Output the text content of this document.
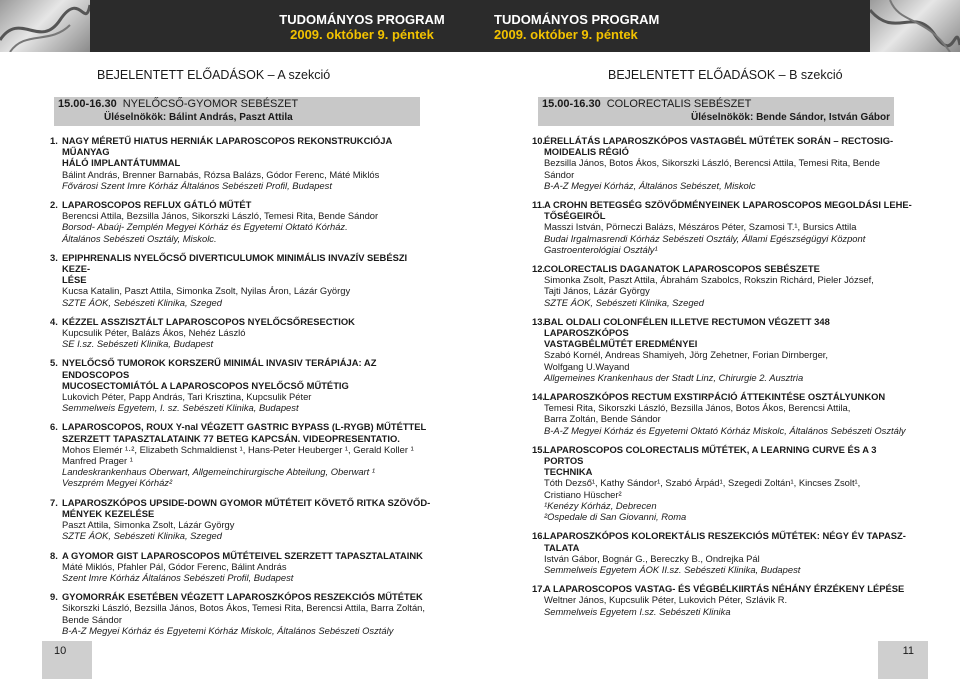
TUDOMÁNYOS PROGRAM
2009. október 9. péntek
BEJELENTETT ELŐADÁSOK – A szekció
15.00-16.30 NYELŐCSŐ-GYOMOR SEBÉSZET
Üléselnökök: Bálint András, Paszt Attila
1. NAGY MÉRETŰ HIATUS HERNIÁK LAPAROSCOPOS REKONSTRUKCIÓJA MŰANYAG
HÁLÓ IMPLANTÁTUMMAL
Bálint András, Brenner Barnabás, Rózsa Balázs, Gódor Ferenc, Máté Miklós
Fővárosi Szent Imre Kórház Általános Sebészeti Profil, Budapest
2. LAPAROSCOPOS REFLUX GÁTLÓ MŰTÉT
Berencsi Attila, Bezsilla János, Sikorszki László, Temesi Rita, Bende Sándor
Borsod- Abaúj- Zemplén Megyei Kórház és Egyetemi Oktató Kórház.
Általános Sebészeti Osztály, Miskolc.
3. EPIPHRENALIS NYELŐCSŐ DIVERTICULUMOK MINIMÁLIS INVAZÍV SEBÉSZI KEZE-
LÉSE
Kucsa Katalin, Paszt Attila, Simonka Zsolt, Nyilas Áron, Lázár György
SZTE ÁOK, Sebészeti Klinika, Szeged
4. KÉZZEL ASSZISZTÁLT LAPAROSCOPOS NYELŐCSŐRESECTIOK
Kupcsulik Péter, Balázs Ákos, Nehéz László
SE I.sz. Sebészeti Klinika, Budapest
5. NYELŐCSŐ TUMOROK KORSZERŰ MINIMÁL INVASIV TERÁPIÁJA: AZ ENDOSCOPOS
MUCOSECTOMIÁTÓL A LAPAROSCOPOS NYELŐCSŐ MŰTÉTIG
Lukovich Péter, Papp András, Tari Krisztina, Kupcsulik Péter
Semmelweis Egyetem, I. sz. Sebészeti Klinika, Budapest
6. LAPAROSCOPOS, ROUX Y-nal VÉGZETT GASTRIC BYPASS (L-RYGB) MŰTÉTTEL
SZERZETT TAPASZTALATAINK 77 BETEG KAPCSÁN. VIDEOPRESENTATIO.
Mohos Elemér ¹·², Elizabeth Schmaldienst ¹, Hans-Peter Heuberger ¹, Gerald Koller ¹
Manfred Prager ¹
Landeskrankenhaus Oberwart, Allgemeinchirurgische Abteilung, Oberwart ¹
Veszprém Megyei Kórház²
7. LAPAROSZKÓPOS UPSIDE-DOWN GYOMOR MŰTÉTEIT KÖVETŐ RITKA SZÖVŐD-
MÉNYEK KEZELÉSE
Paszt Attila, Simonka Zsolt, Lázár György
SZTE ÁOK, Sebészeti Klinika, Szeged
8. A GYOMOR GIST LAPAROSCOPOS MŰTÉTEIVEL SZERZETT TAPASZTALATAINK
Máté Miklós, Pfahler Pál, Gódor Ferenc, Bálint András
Szent Imre Kórház Általános Sebészeti Profil, Budapest
9. GYOMORRÁK ESETÉBEN VÉGZETT LAPAROSZKÓPOS RESZEKCIÓS MŰTÉTEK
Sikorszki László, Bezsilla János, Botos Ákos, Temesi Rita, Berencsi Attila, Barra Zoltán,
Bende Sándor
B-A-Z Megyei Kórház és Egyetemi Kórház Miskolc, Általános Sebészeti Osztály
10
TUDOMÁNYOS PROGRAM
2009. október 9. péntek
BEJELENTETT ELŐADÁSOK – B szekció
15.00-16.30 COLORECTALIS SEBÉSZET
Üléselnökök: Bende Sándor, István Gábor
10.
ÉRELLÁTÁS LAPAROSZKÓPOS VASTAGBÉL MŰTÉTEK SORÁN – RECTOSIG-
MOIDEALIS RÉGIÓ
Bezsilla János, Botos Ákos, Sikorszki László, Berencsi Attila, Temesi Rita, Bende Sándor
B-A-Z Megyei Kórház, Általános Sebészet, Miskolc
11. A CROHN BETEGSÉG SZÖVŐDMÉNYEINEK LAPAROSCOPOS MEGOLDÁSI LEHE-
TŐSÉGEIRŐL
Masszi István, Pörneczi Balázs, Mészáros Péter, Szamosi T.¹, Bursics Attila
Budai Irgalmasrendi Kórház Sebészeti Osztály, Állami Egészségügyi Központ
Gastroenterológiai Osztály¹
12.
COLORECTALIS DAGANATOK LAPAROSCOPOS SEBÉSZETE
Simonka Zsolt, Paszt Attila, Ábrahám Szabolcs, Rokszin Richárd, Pieler József,
Tajti János, Lázár György
SZTE ÁOK, Sebészeti Klinika, Szeged
13.
BAL OLDALI COLONFÉLEN ILLETVE RECTUMON VÉGZETT 348 LAPAROSZKÓPOS
VASTAGBÉLMŰTÉT EREDMÉNYEI
Szabó Kornél, Andreas Shamiyeh, Jörg Zehetner, Forian Dirnberger,
Wolfgang U.Wayand
Allgemeines Krankenhaus der Stadt Linz, Chirurgie 2. Ausztria
14.
LAPAROSZKÓPOS RECTUM EXSTIRPÁCIÓ ÁTTEKINTÉSE OSZTÁLYUNKON
Temesi Rita, Sikorszki László, Bezsilla János, Botos Ákos, Berencsi Attila,
Barra Zoltán, Bende Sándor
B-A-Z Megyei Kórház és Egyetemi Oktató Kórház Miskolc, Általános Sebészeti Osztály
15.
LAPAROSCOPOS COLORECTALIS MŰTÉTEK, A LEARNING CURVE ÉS A 3 PORTOS
TECHNIKA
Tóth Dezső¹, Kathy Sándor¹, Szabó Árpád¹, Szegedi Zoltán¹, Kincses Zsolt¹,
Cristiano Hüscher²
¹Kenézy Kórház, Debrecen
²Ospedale di San Giovanni, Roma
16.
LAPAROSZKÓPOS KOLOREKTÁLIS RESZEKCIÓS MŰTÉTEK: NÉGY ÉV TAPASZ-
TALATA
István Gábor, Bognár G., Bereczky B., Ondrejka Pál
Semmelweis Egyetem ÁOK II.sz. Sebészeti Klinika, Budapest
17.
A LAPAROSCOPOS VASTAG- ÉS VÉGBÉLKIIRTÁS NÉHÁNY ÉRZÉKENY LÉPÉSE
Weltner János, Kupcsulik Péter, Lukovich Péter, Szlávik R.
Semmelweis Egyetem I.sz. Sebészeti Klinika
11
